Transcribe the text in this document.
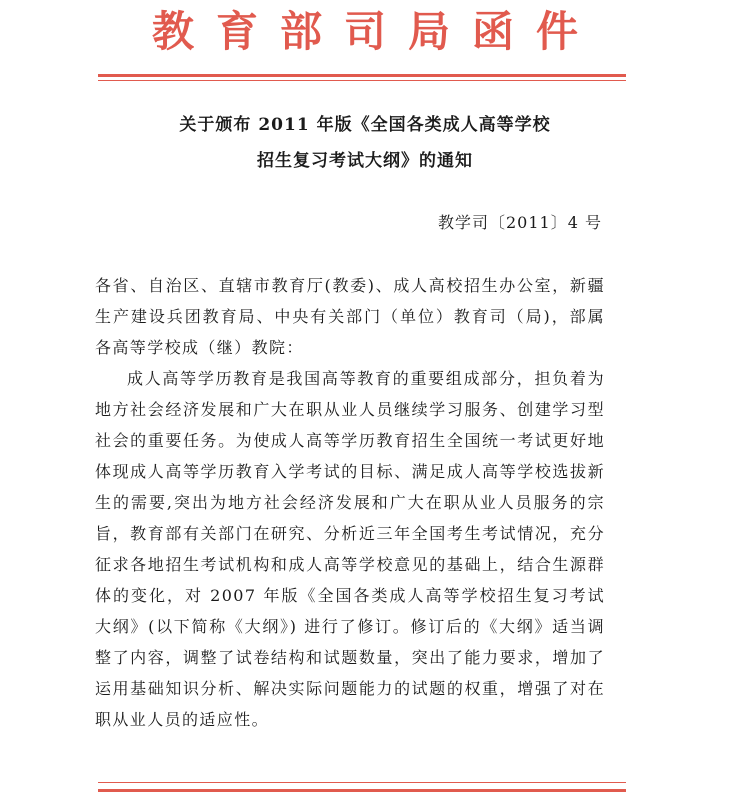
教育部司局函件
关于颁布 2011 年版《全国各类成人高等学校
招生复习考试大纲》的通知
教学司〔2011〕4 号

各省、自治区、直辖市教育厅(教委)、成人高校招生办公室，新疆生产建设兵团教育局、中央有关部门（单位）教育司（局)，部属各高等学校成（继）教院：

成人高等学历教育是我国高等教育的重要组成部分，担负着为地方社会经济发展和广大在职从业人员继续学习服务、创建学习型社会的重要任务。为使成人高等学历教育招生全国统一考试更好地体现成人高等学历教育入学考试的目标、满足成人高等学校选拔新生的需要,突出为地方社会经济发展和广大在职从业人员服务的宗旨，教育部有关部门在研究、分析近三年全国考生考试情况，充分征求各地招生考试机构和成人高等学校意见的基础上，结合生源群体的变化，对 2007 年版《全国各类成人高等学校招生复习考试大纲》(以下简称《大纲》) 进行了修订。修订后的《大纲》适当调整了内容，调整了试卷结构和试题数量，突出了能力要求，增加了运用基础知识分析、解决实际问题能力的试题的权重，增强了对在职从业人员的适应性。
